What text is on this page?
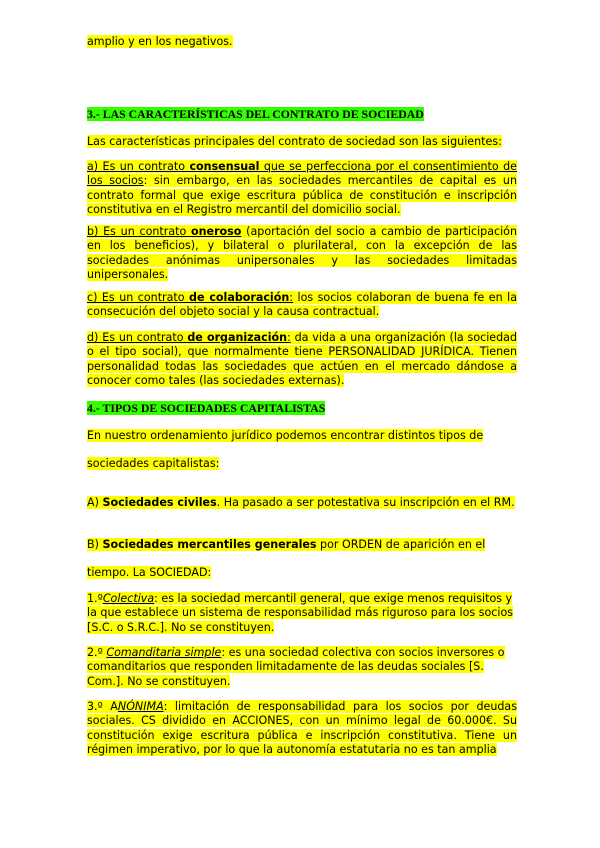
amplio y en los negativos.
3.- LAS CARACTERÍSTICAS DEL CONTRATO DE SOCIEDAD
Las características principales del contrato de sociedad son las siguientes:
a) Es un contrato consensual que se perfecciona por el consentimiento de los socios: sin embargo, en las sociedades mercantiles de capital es un contrato formal que exige escritura pública de constitución e inscripción constitutiva en el Registro mercantil del domicilio social.
b) Es un contrato oneroso (aportación del socio a cambio de participación en los beneficios), y bilateral o plurilateral, con la excepción de las sociedades anónimas unipersonales y las sociedades limitadas unipersonales.
c) Es un contrato de colaboración: los socios colaboran de buena fe en la consecución del objeto social y la causa contractual.
d) Es un contrato de organización: da vida a una organización (la sociedad o el tipo social), que normalmente tiene PERSONALIDAD JURÍDICA. Tienen personalidad todas las sociedades que actúen en el mercado dándose a conocer como tales (las sociedades externas).
4.- TIPOS DE SOCIEDADES CAPITALISTAS
En nuestro ordenamiento jurídico podemos encontrar distintos tipos de
sociedades capitalistas:
A) Sociedades civiles. Ha pasado a ser potestativa su inscripción en el RM.
B) Sociedades mercantiles generales por ORDEN de aparición en el
tiempo. La SOCIEDAD:
1.ºColectiva: es la sociedad mercantil general, que exige menos requisitos y la que establece un sistema de responsabilidad más riguroso para los socios [S.C. o S.R.C.]. No se constituyen.
2.º Comanditaria simple: es una sociedad colectiva con socios inversores o comanditarios que responden limitadamente de las deudas sociales [S. Com.]. No se constituyen.
3.º ANÓNIMA: limitación de responsabilidad para los socios por deudas sociales. CS dividido en ACCIONES, con un mínimo legal de 60.000€. Su constitución exige escritura pública e inscripción constitutiva. Tiene un régimen imperativo, por lo que la autonomía estatutaria no es tan amplia
